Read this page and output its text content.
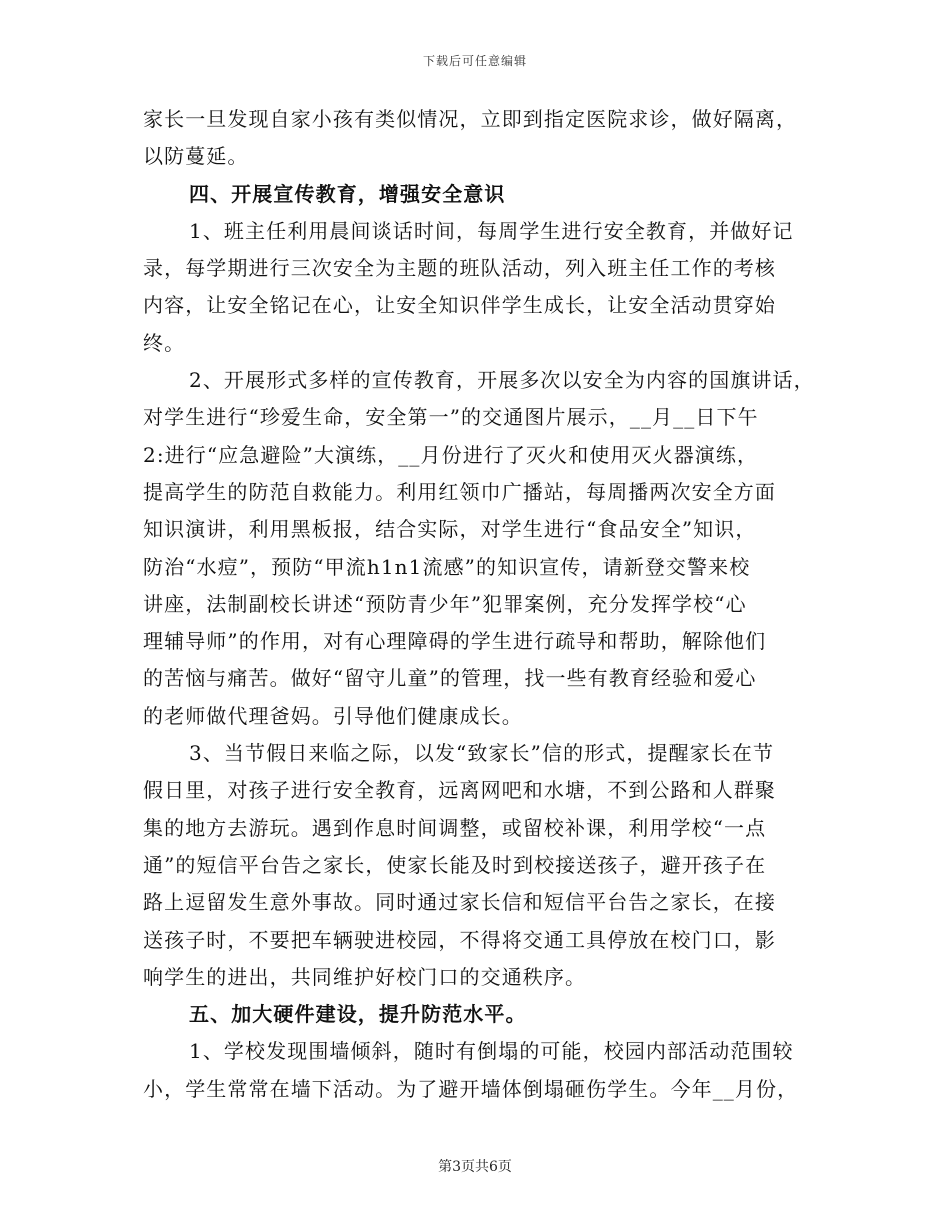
下载后可任意编辑
家长一旦发现自家小孩有类似情况，立即到指定医院求诊，做好隔离，
以防蔓延。
四、开展宣传教育，增强安全意识
1、班主任利用晨间谈话时间，每周学生进行安全教育，并做好记
录，每学期进行三次安全为主题的班队活动，列入班主任工作的考核
内容，让安全铭记在心，让安全知识伴学生成长，让安全活动贯穿始
终。
2、开展形式多样的宣传教育，开展多次以安全为内容的国旗讲话，
对学生进行“珍爱生命，安全第一”的交通图片展示，__月__日下午
2:进行“应急避险”大演练，__月份进行了灭火和使用灭火器演练，
提高学生的防范自救能力。利用红领巾广播站，每周播两次安全方面
知识演讲，利用黑板报，结合实际，对学生进行“食品安全”知识，
防治“水痘”，预防“甲流h1n1流感”的知识宣传，请新登交警来校
讲座，法制副校长讲述“预防青少年”犯罪案例，充分发挥学校“心
理辅导师”的作用，对有心理障碍的学生进行疏导和帮助，解除他们
的苦恼与痛苦。做好“留守儿童”的管理，找一些有教育经验和爱心
的老师做代理爸妈。引导他们健康成长。
3、当节假日来临之际，以发“致家长”信的形式，提醒家长在节
假日里，对孩子进行安全教育，远离网吧和水塘，不到公路和人群聚
集的地方去游玩。遇到作息时间调整，或留校补课，利用学校“一点
通”的短信平台告之家长，使家长能及时到校接送孩子，避开孩子在
路上逗留发生意外事故。同时通过家长信和短信平台告之家长，在接
送孩子时，不要把车辆驶进校园，不得将交通工具停放在校门口，影
响学生的进出，共同维护好校门口的交通秩序。
五、加大硬件建设，提升防范水平。
1、学校发现围墙倾斜，随时有倒塌的可能，校园内部活动范围较
小，学生常常在墙下活动。为了避开墙体倒塌砸伤学生。今年__月份，
第3页共6页
